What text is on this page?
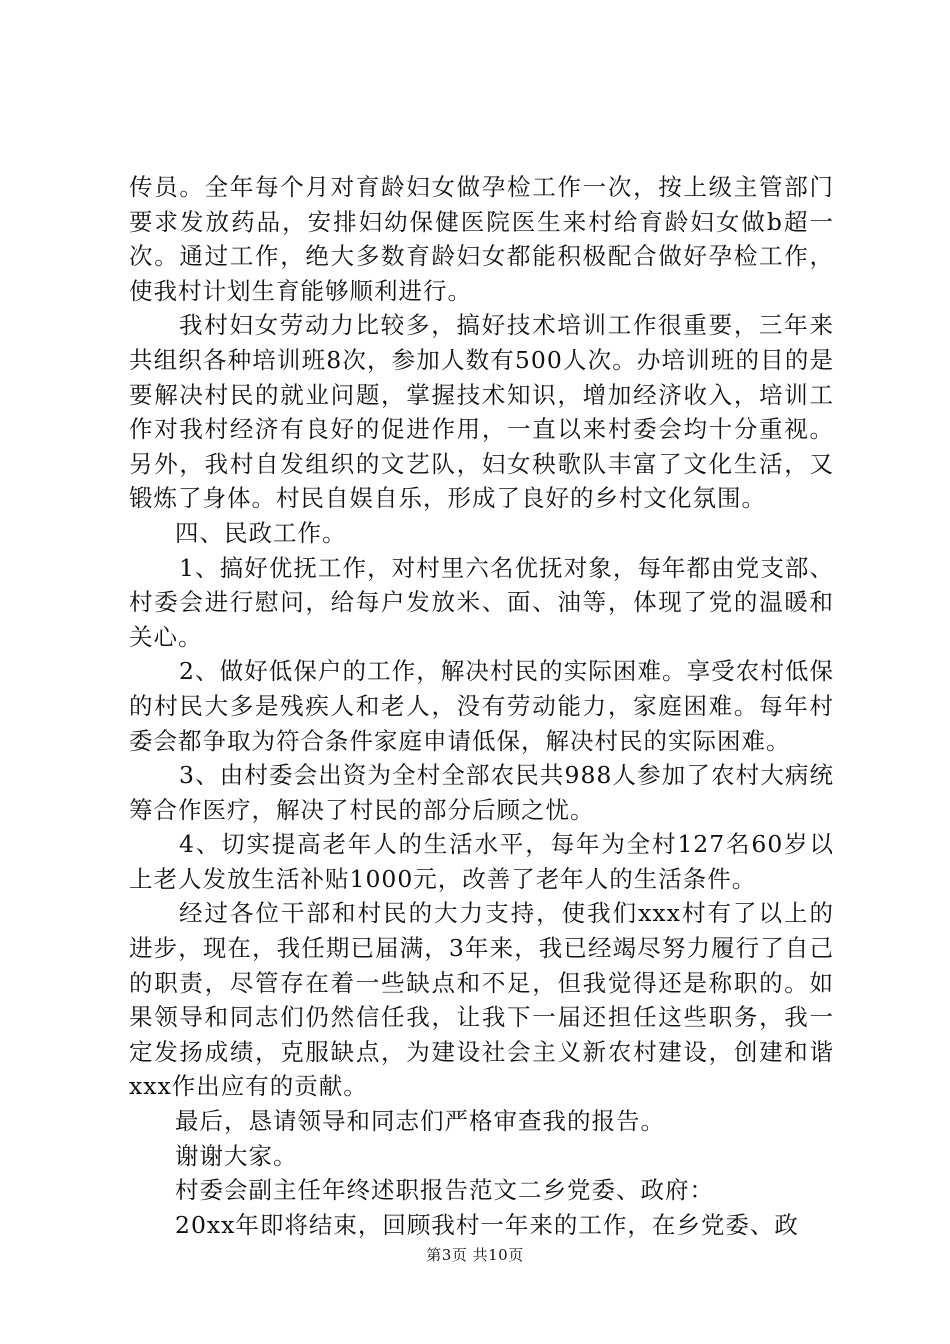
传员。全年每个月对育龄妇女做孕检工作一次，按上级主管部门要求发放药品，安排妇幼保健医院医生来村给育龄妇女做b超一次。通过工作，绝大多数育龄妇女都能积极配合做好孕检工作，使我村计划生育能够顺利进行。

我村妇女劳动力比较多，搞好技术培训工作很重要，三年来共组织各种培训班8次，参加人数有500人次。办培训班的目的是要解决村民的就业问题，掌握技术知识，增加经济收入，培训工作对我村经济有良好的促进作用，一直以来村委会均十分重视。另外，我村自发组织的文艺队，妇女秧歌队丰富了文化生活，又锻炼了身体。村民自娱自乐，形成了良好的乡村文化氛围。

四、民政工作。

1、搞好优抚工作，对村里六名优抚对象，每年都由党支部、村委会进行慰问，给每户发放米、面、油等，体现了党的温暖和关心。

2、做好低保户的工作，解决村民的实际困难。享受农村低保的村民大多是残疾人和老人，没有劳动能力，家庭困难。每年村委会都争取为符合条件家庭申请低保，解决村民的实际困难。

3、由村委会出资为全村全部农民共988人参加了农村大病统筹合作医疗，解决了村民的部分后顾之忧。

4、切实提高老年人的生活水平，每年为全村127名60岁以上老人发放生活补贴1000元，改善了老年人的生活条件。

经过各位干部和村民的大力支持，使我们xxx村有了以上的进步，现在，我任期已届满，3年来，我已经竭尽努力履行了自己的职责，尽管存在着一些缺点和不足，但我觉得还是称职的。如果领导和同志们仍然信任我，让我下一届还担任这些职务，我一定发扬成绩，克服缺点，为建设社会主义新农村建设，创建和谐xxx作出应有的贡献。

最后，恳请领导和同志们严格审查我的报告。

谢谢大家。

村委会副主任年终述职报告范文二乡党委、政府：

20xx年即将结束，回顾我村一年来的工作，在乡党委、政

第3页 共10页
